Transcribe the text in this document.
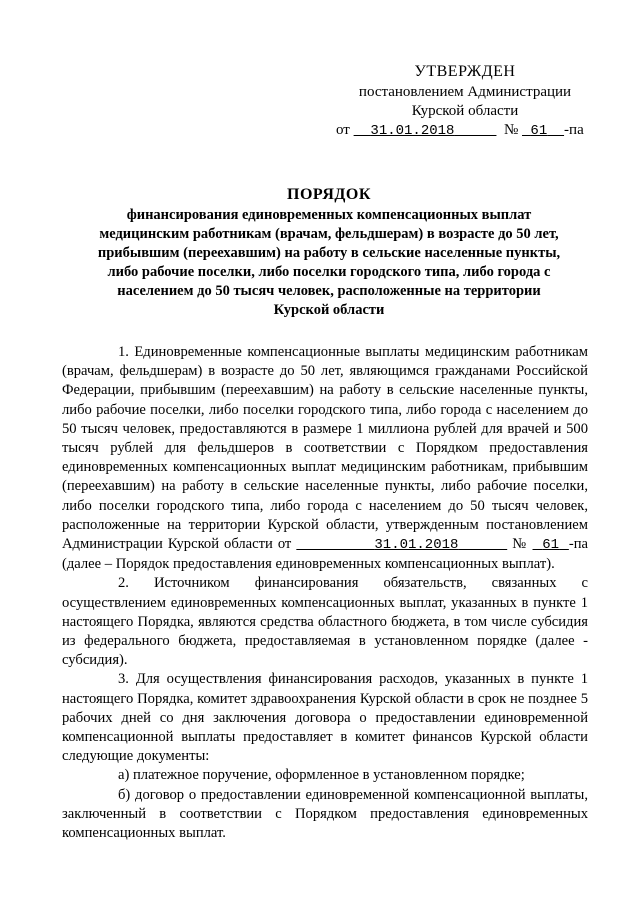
УТВЕРЖДЕН
постановлением Администрации
Курской области
от 31.01.2018	№ 61 -па
ПОРЯДОК
финансирования единовременных компенсационных выплат
медицинским работникам (врачам, фельдшерам) в возрасте до 50 лет,
прибывшим (переехавшим) на работу в сельские населенные пункты,
либо рабочие поселки, либо поселки городского типа, либо города с
населением до 50 тысяч человек, расположенные на территории
Курской области

1. Единовременные компенсационные выплаты медицинским работникам (врачам, фельдшерам) в возрасте до 50 лет, являющимся гражданами Российской Федерации, прибывшим (переехавшим) на работу в сельские населенные пункты, либо рабочие поселки, либо поселки городского типа, либо города с населением до 50 тысяч человек, предоставляются в размере 1 миллиона рублей для врачей и 500 тысяч рублей для фельдшеров в соответствии с Порядком предоставления единовременных компенсационных выплат медицинским работникам, прибывшим (переехавшим) на работу в сельские населенные пункты, либо рабочие поселки, либо поселки городского типа, либо города с населением до 50 тысяч человек, расположенные на территории Курской области, утвержденным постановлением Администрации Курской области от	31.01.2018	№ 61 -па (далее – Порядок предоставления единовременных компенсационных выплат).

2. Источником финансирования обязательств, связанных с осуществлением единовременных компенсационных выплат, указанных в пункте 1 настоящего Порядка, являются средства областного бюджета, в том числе субсидия из федерального бюджета, предоставляемая в установленном порядке (далее - субсидия).

3. Для осуществления финансирования расходов, указанных в пункте 1 настоящего Порядка, комитет здравоохранения Курской области в срок не позднее 5 рабочих дней со дня заключения договора о предоставлении единовременной компенсационной выплаты предоставляет в комитет финансов Курской области следующие документы:

а) платежное поручение, оформленное в установленном порядке;

б) договор о предоставлении единовременной компенсационной выплаты, заключенный в соответствии с Порядком предоставления единовременных компенсационных выплат.
